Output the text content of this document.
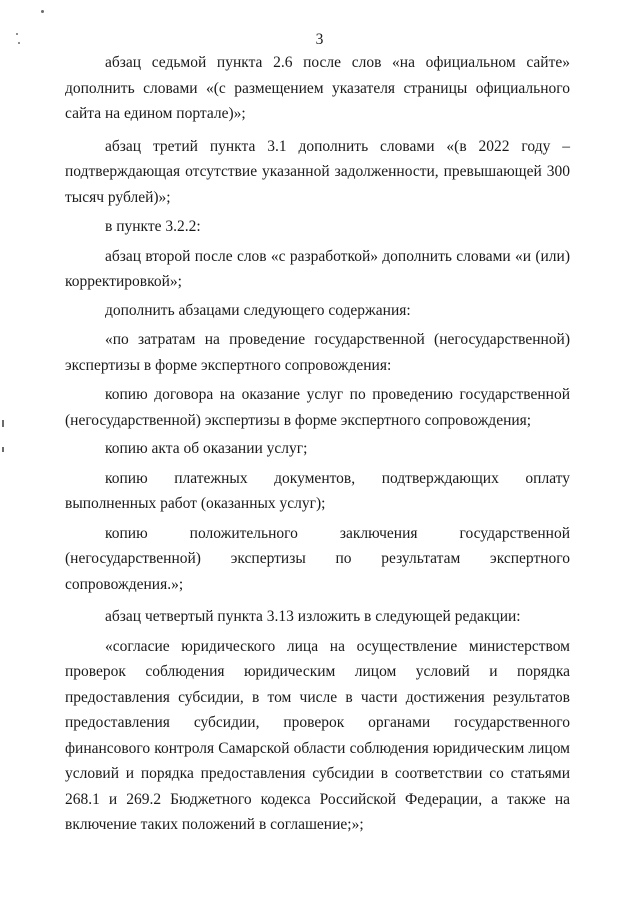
3

абзац седьмой пункта 2.6 после слов «на официальном сайте» дополнить словами «(с размещением указателя страницы официального сайта на едином портале)»;

абзац третий пункта 3.1 дополнить словами «(в 2022 году – подтверждающая отсутствие указанной задолженности, превышающей 300 тысяч рублей)»;

в пункте 3.2.2:

абзац второй после слов «с разработкой» дополнить словами «и (или) корректировкой»;

дополнить абзацами следующего содержания:

«по затратам на проведение государственной (негосударственной) экспертизы в форме экспертного сопровождения:

копию договора на оказание услуг по проведению государственной (негосударственной) экспертизы в форме экспертного сопровождения;

копию акта об оказании услуг;

копию платежных документов, подтверждающих оплату выполненных работ (оказанных услуг);

копию положительного заключения государственной (негосударственной) экспертизы по результатам экспертного сопровождения.»;

абзац четвертый пункта 3.13 изложить в следующей редакции:

«согласие юридического лица на осуществление министерством проверок соблюдения юридическим лицом условий и порядка предоставления субсидии, в том числе в части достижения результатов предоставления субсидии, проверок органами государственного финансового контроля Самарской области соблюдения юридическим лицом условий и порядка предоставления субсидии в соответствии со статьями 268.1 и 269.2 Бюджетного кодекса Российской Федерации, а также на включение таких положений в соглашение;»;
